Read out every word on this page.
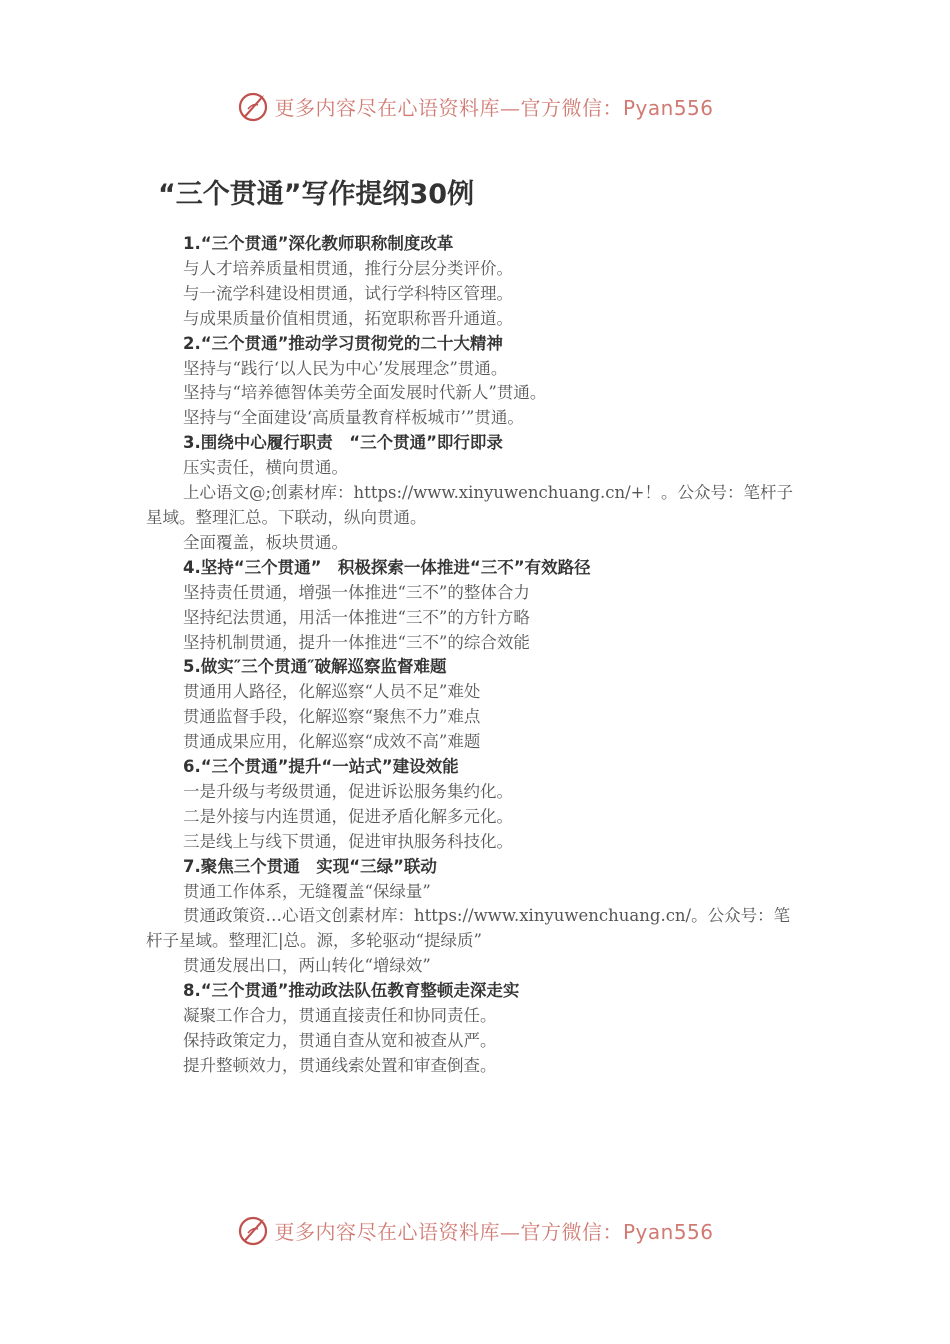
更多内容尽在心语资料库—官方微信：Pyan556
“三个贯通”写作提纲30例
1.“三个贯通”深化教师职称制度改革
与人才培养质量相贯通，推行分层分类评价。
与一流学科建设相贯通，试行学科特区管理。
与成果质量价值相贯通，拓宽职称晋升通道。
2.“三个贯通”推动学习贯彻党的二十大精神
坚持与“践行‘以人民为中心’发展理念”贯通。
坚持与“培养德智体美劳全面发展时代新人”贯通。
坚持与“全面建设‘高质量教育样板城市’”贯通。
3.围绕中心履行职责　“三个贯通”即行即录
压实责任，横向贯通。
上心语文@;创素材库：https://www.xinyuwenchuang.cn/+！。公众号：笔杆子星域。整理汇总。下联动，纵向贯通。
全面覆盖，板块贯通。
4.坚持“三个贯通”　积极探索一体推进“三不”有效路径
坚持责任贯通，增强一体推进“三不”的整体合力
坚持纪法贯通，用活一体推进“三不”的方针方略
坚持机制贯通，提升一体推进“三不”的综合效能
5.做实″三个贯通″破解巡察监督难题
贯通用人路径，化解巡察“人员不足”难处
贯通监督手段，化解巡察“聚焦不力”难点
贯通成果应用，化解巡察“成效不高”难题
6.“三个贯通”提升“一站式”建设效能
一是升级与考级贯通，促进诉讼服务集约化。
二是外接与内连贯通，促进矛盾化解多元化。
三是线上与线下贯通，促进审执服务科技化。
7.聚焦三个贯通　实现“三绿”联动
贯通工作体系，无缝覆盖“保绿量”
贯通政策资…心语文创素材库：https://www.xinyuwenchuang.cn/。公众号：笔杆子星域。整理汇|总。源，多轮驱动“提绿质”
贯通发展出口，两山转化“增绿效”
8.“三个贯通”推动政法队伍教育整顿走深走实
凝聚工作合力，贯通直接责任和协同责任。
保持政策定力，贯通自查从宽和被查从严。
提升整顿效力，贯通线索处置和审查倒查。
更多内容尽在心语资料库—官方微信：Pyan556
